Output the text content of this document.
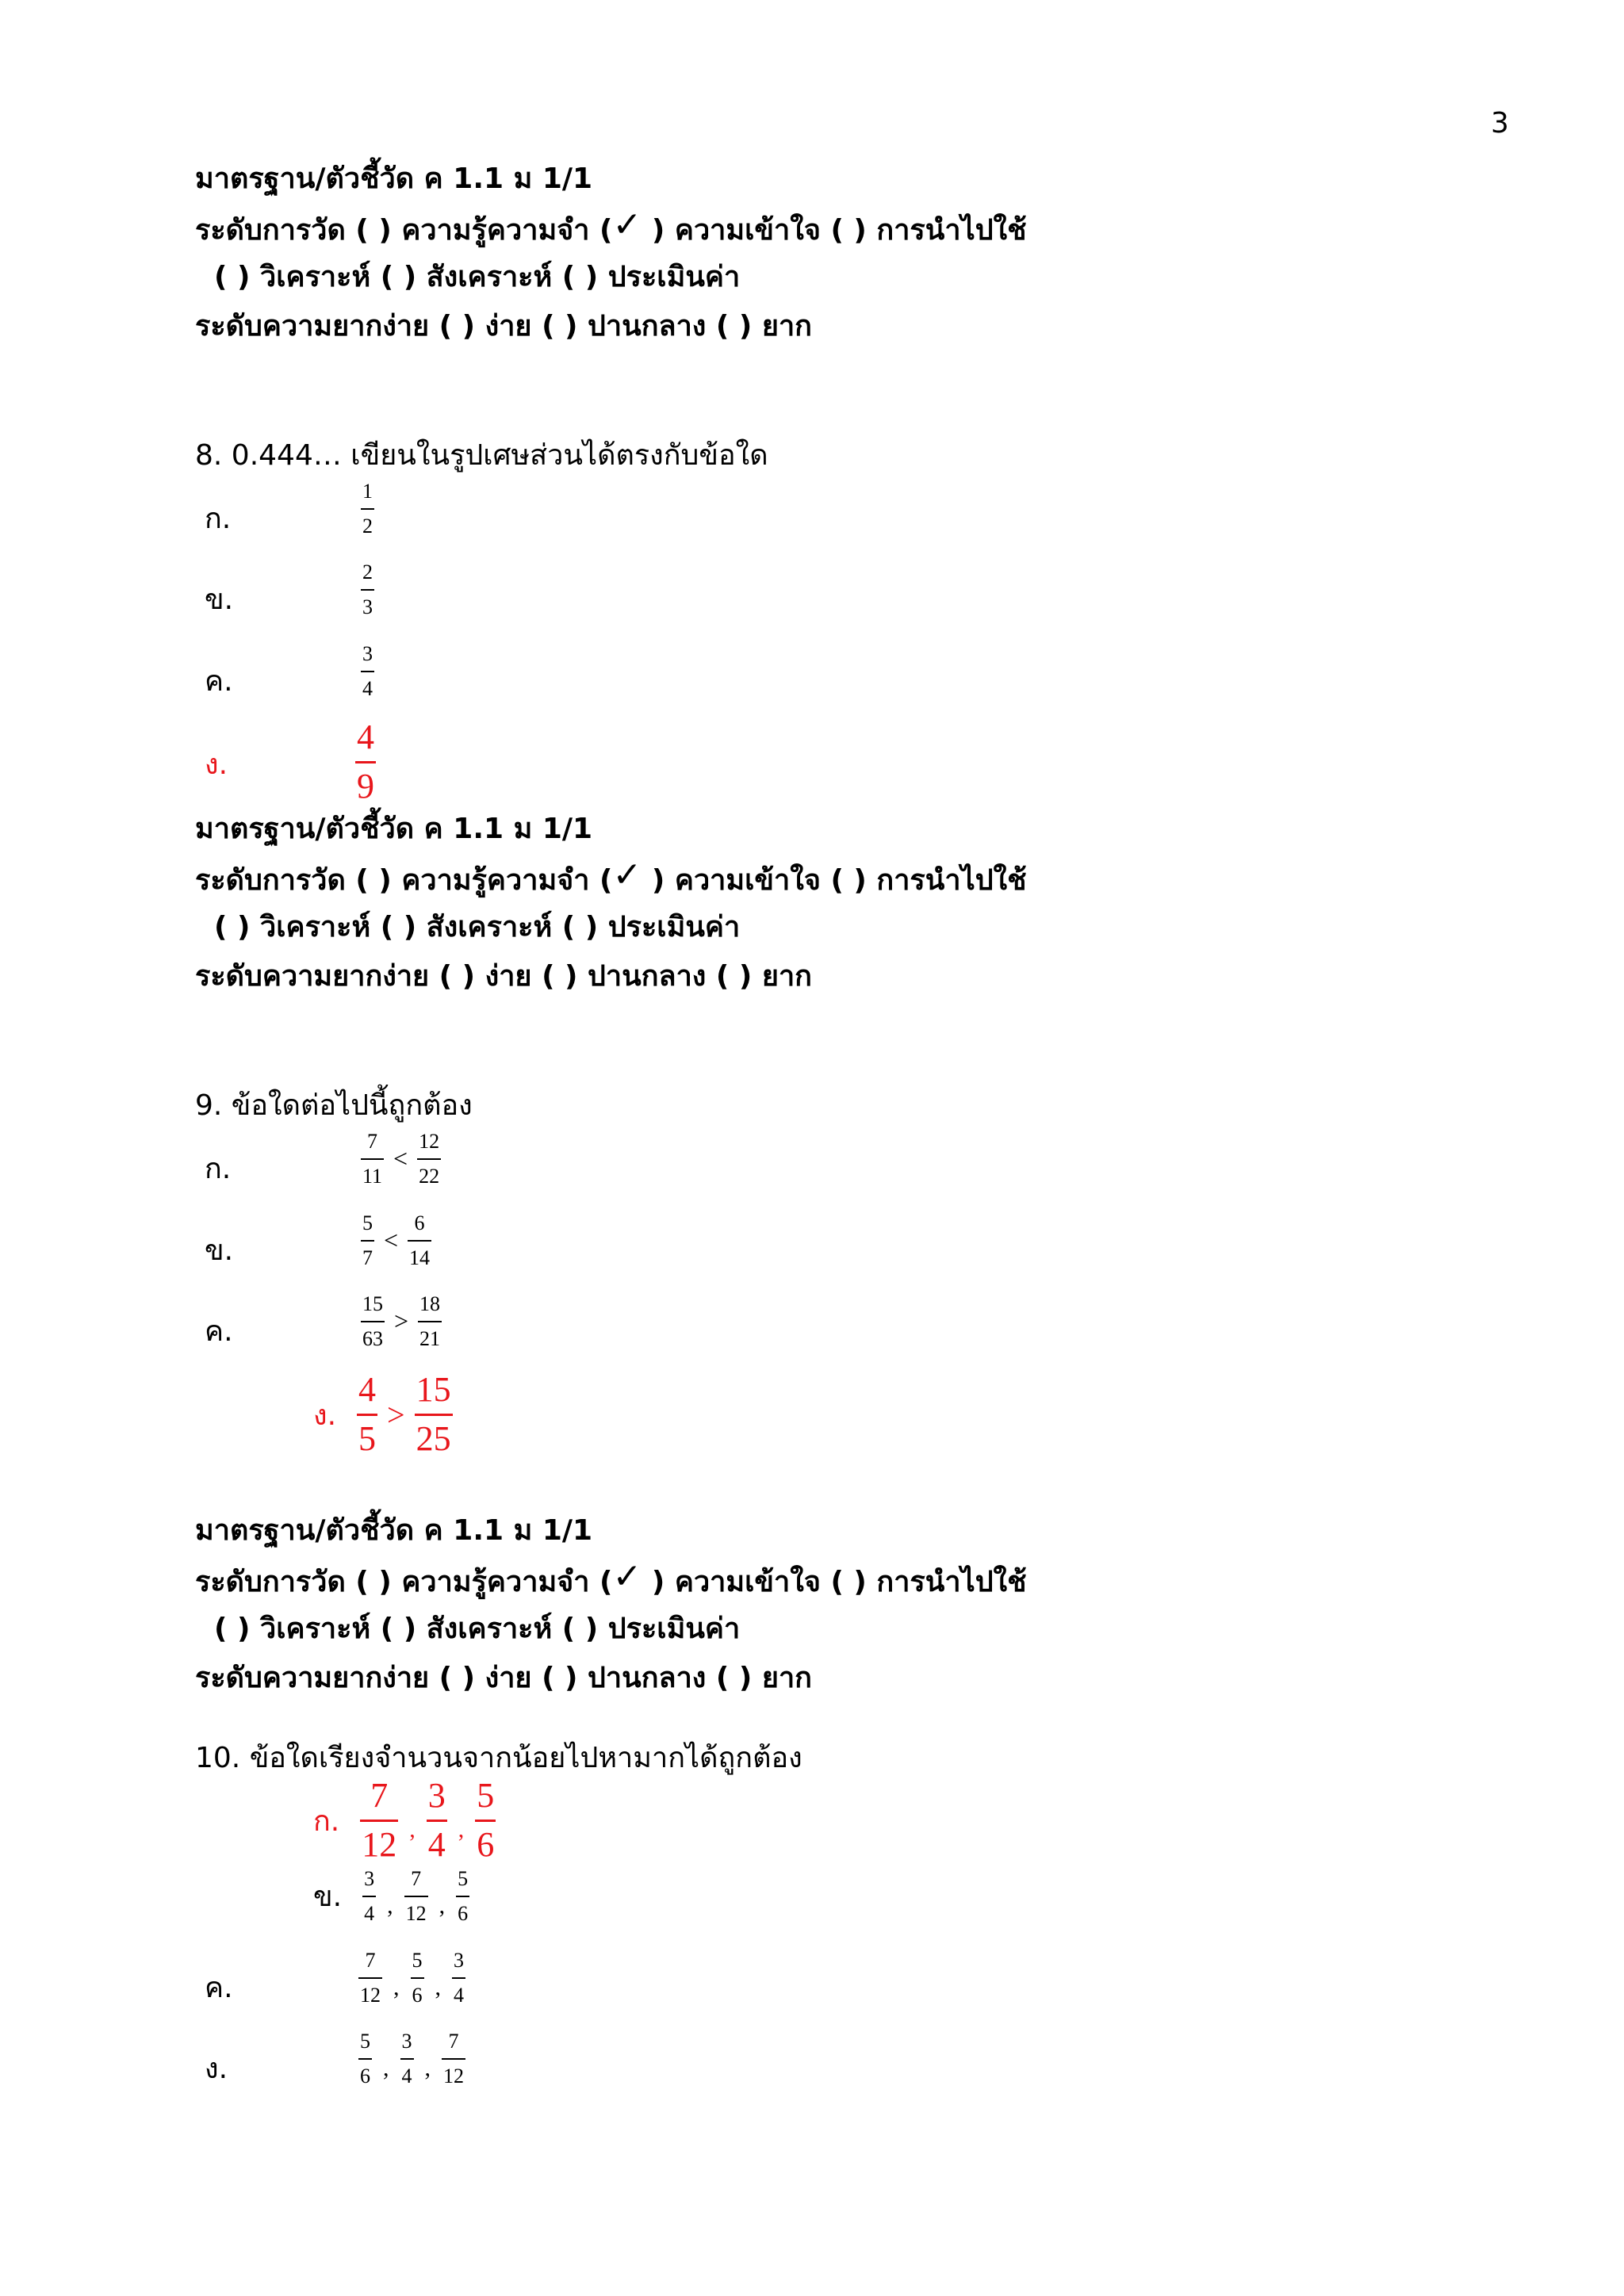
3
มาตรฐาน/ตัวชี้วัด ค 1.1 ม 1/1
ระดับการวัด ( ) ความรู้ความจำ (✓ ) ความเข้าใจ ( ) การนำไปใช้
( ) วิเคราะห์ ( ) สังเคราะห์ ( ) ประเมินค่า
ระดับความยากง่าย ( ) ง่าย ( ) ปานกลาง ( ) ยาก
8. 0.444… เขียนในรูปเศษส่วนได้ตรงกับข้อใด
ก.	$\frac{1}{2}$
ข.	$\frac{2}{3}$
ค.	$\frac{3}{4}$
ง.	$\frac{4}{9}$
มาตรฐาน/ตัวชี้วัด ค 1.1 ม 1/1
ระดับการวัด ( ) ความรู้ความจำ (✓ ) ความเข้าใจ ( ) การนำไปใช้
( ) วิเคราะห์ ( ) สังเคราะห์ ( ) ประเมินค่า
ระดับความยากง่าย ( ) ง่าย ( ) ปานกลาง ( ) ยาก
9. ข้อใดต่อไปนี้ถูกต้อง
ก.	$\frac{7}{11} < \frac{12}{22}$
ข.	$\frac{5}{7} < \frac{6}{14}$
ค.	$\frac{15}{63} > \frac{18}{21}$
ง. $\frac{4}{5} > \frac{15}{25}$
มาตรฐาน/ตัวชี้วัด ค 1.1 ม 1/1
ระดับการวัด ( ) ความรู้ความจำ (✓ ) ความเข้าใจ ( ) การนำไปใช้
( ) วิเคราะห์ ( ) สังเคราะห์ ( ) ประเมินค่า
ระดับความยากง่าย ( ) ง่าย ( ) ปานกลาง ( ) ยาก
10. ข้อใดเรียงจำนวนจากน้อยไปหามากได้ถูกต้อง
ก. $\frac{7}{12}$ , $\frac{3}{4}$ , $\frac{5}{6}$
ข. $\frac{3}{4}$ , $\frac{7}{12}$ , $\frac{5}{6}$
ค.	$\frac{7}{12}$ , $\frac{5}{6}$ , $\frac{3}{4}$
ง.	$\frac{5}{6}$ , $\frac{3}{4}$ , $\frac{7}{12}$
